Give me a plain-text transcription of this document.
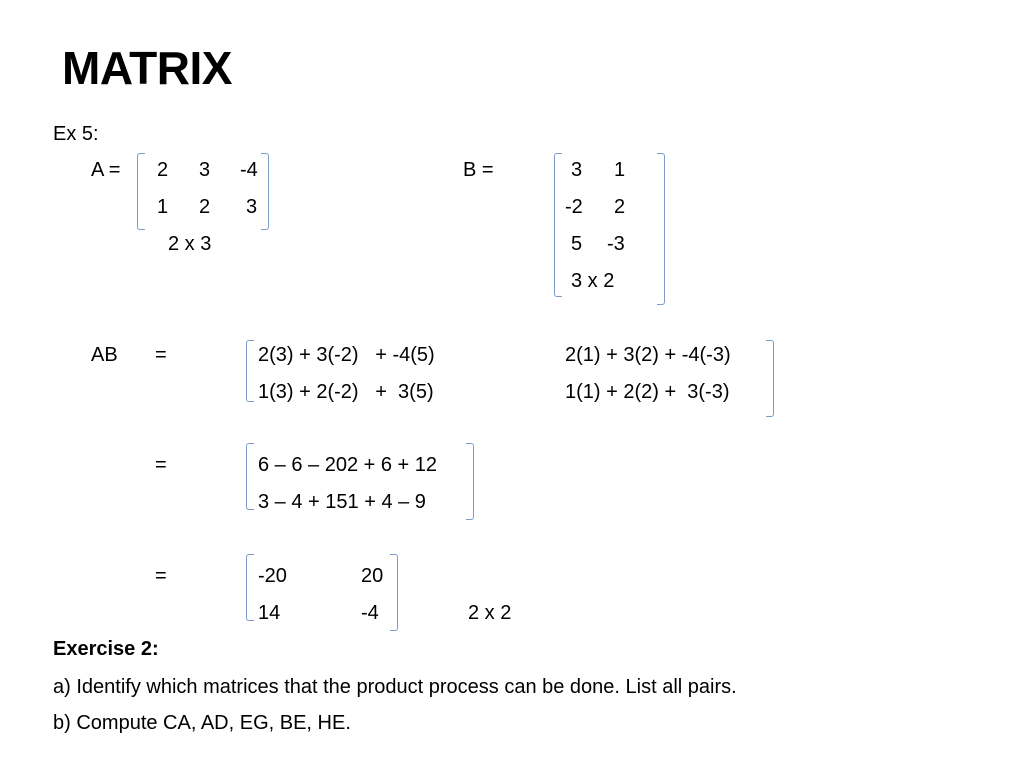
MATRIX
Ex 5:
A = 2 3 -4
1 2 3
2 x 3
B =	3 1
-2 2
5 -3
3 x 2
AB =	2(3) + 3(-2)   + -4(5)	2(1) + 3(2) + -4(-3)
1(3) + 2(-2)   +  3(5)	1(1) + 2(2) +  3(-3)
=	6 – 6 – 202 + 6 + 12
3 – 4 + 151 + 4 – 9
=	-20	20
14	-4	2 x 2
Exercise 2:
a) Identify which matrices that the product process can be done. List all pairs.
b) Compute CA, AD, EG, BE, HE.
